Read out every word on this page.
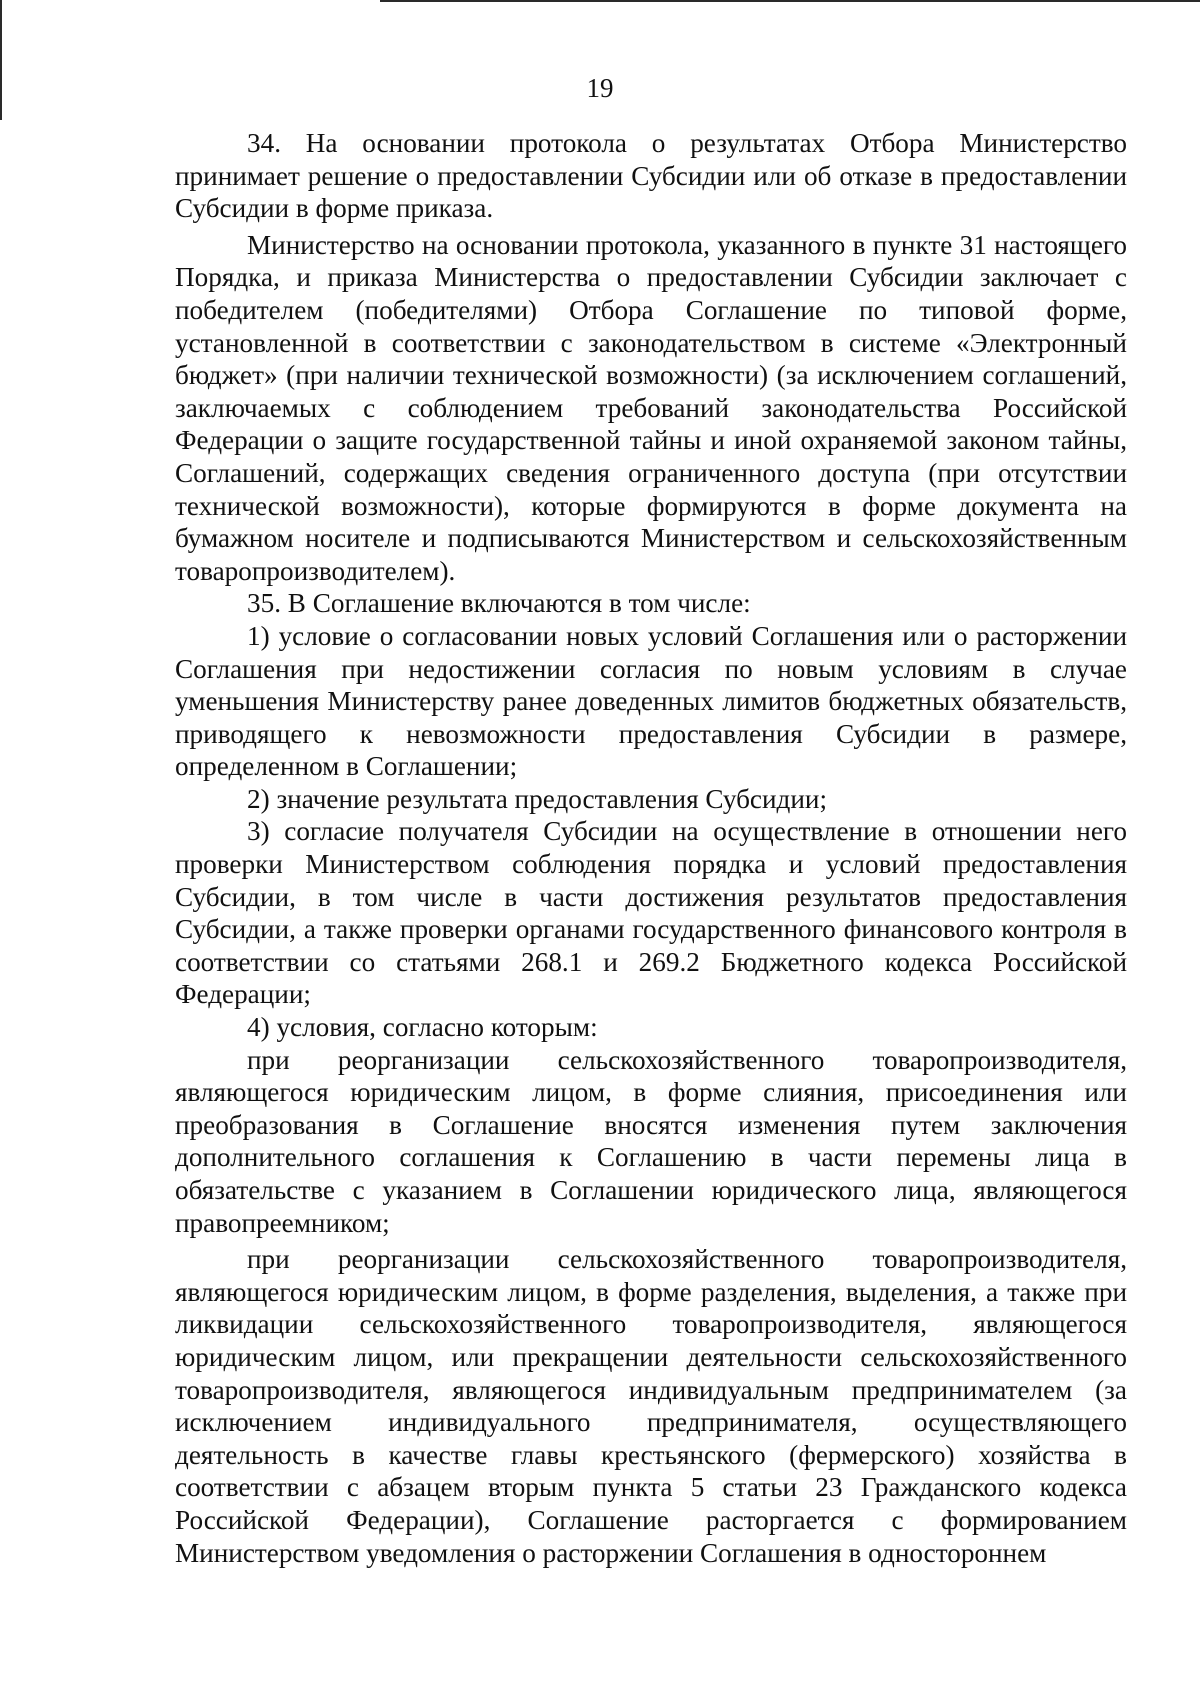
19

34. На основании протокола о результатах Отбора Министерство принимает решение о предоставлении Субсидии или об отказе в предоставлении Субсидии в форме приказа.

Министерство на основании протокола, указанного в пункте 31 настоящего Порядка, и приказа Министерства о предоставлении Субсидии заключает с победителем (победителями) Отбора Соглашение по типовой форме, установленной в соответствии с законодательством в системе «Электронный бюджет» (при наличии технической возможности) (за исключением соглашений, заключаемых с соблюдением требований законодательства Российской Федерации о защите государственной тайны и иной охраняемой законом тайны, Соглашений, содержащих сведения ограниченного доступа (при отсутствии технической возможности), которые формируются в форме документа на бумажном носителе и подписываются Министерством и сельскохозяйственным товаропроизводителем).

35. В Соглашение включаются в том числе:

1) условие о согласовании новых условий Соглашения или о расторжении Соглашения при недостижении согласия по новым условиям в случае уменьшения Министерству ранее доведенных лимитов бюджетных обязательств, приводящего к невозможности предоставления Субсидии в размере, определенном в Соглашении;

2) значение результата предоставления Субсидии;

3) согласие получателя Субсидии на осуществление в отношении него проверки Министерством соблюдения порядка и условий предоставления Субсидии, в том числе в части достижения результатов предоставления Субсидии, а также проверки органами государственного финансового контроля в соответствии со статьями 268.1 и 269.2 Бюджетного кодекса Российской Федерации;

4) условия, согласно которым:

при реорганизации сельскохозяйственного товаропроизводителя, являющегося юридическим лицом, в форме слияния, присоединения или преобразования в Соглашение вносятся изменения путем заключения дополнительного соглашения к Соглашению в части перемены лица в обязательстве с указанием в Соглашении юридического лица, являющегося правопреемником;

при реорганизации сельскохозяйственного товаропроизводителя, являющегося юридическим лицом, в форме разделения, выделения, а также при ликвидации сельскохозяйственного товаропроизводителя, являющегося юридическим лицом, или прекращении деятельности сельскохозяйственного товаропроизводителя, являющегося индивидуальным предпринимателем (за исключением индивидуального предпринимателя, осуществляющего деятельность в качестве главы крестьянского (фермерского) хозяйства в соответствии с абзацем вторым пункта 5 статьи 23 Гражданского кодекса Российской Федерации), Соглашение расторгается с формированием Министерством уведомления о расторжении Соглашения в одностороннем
